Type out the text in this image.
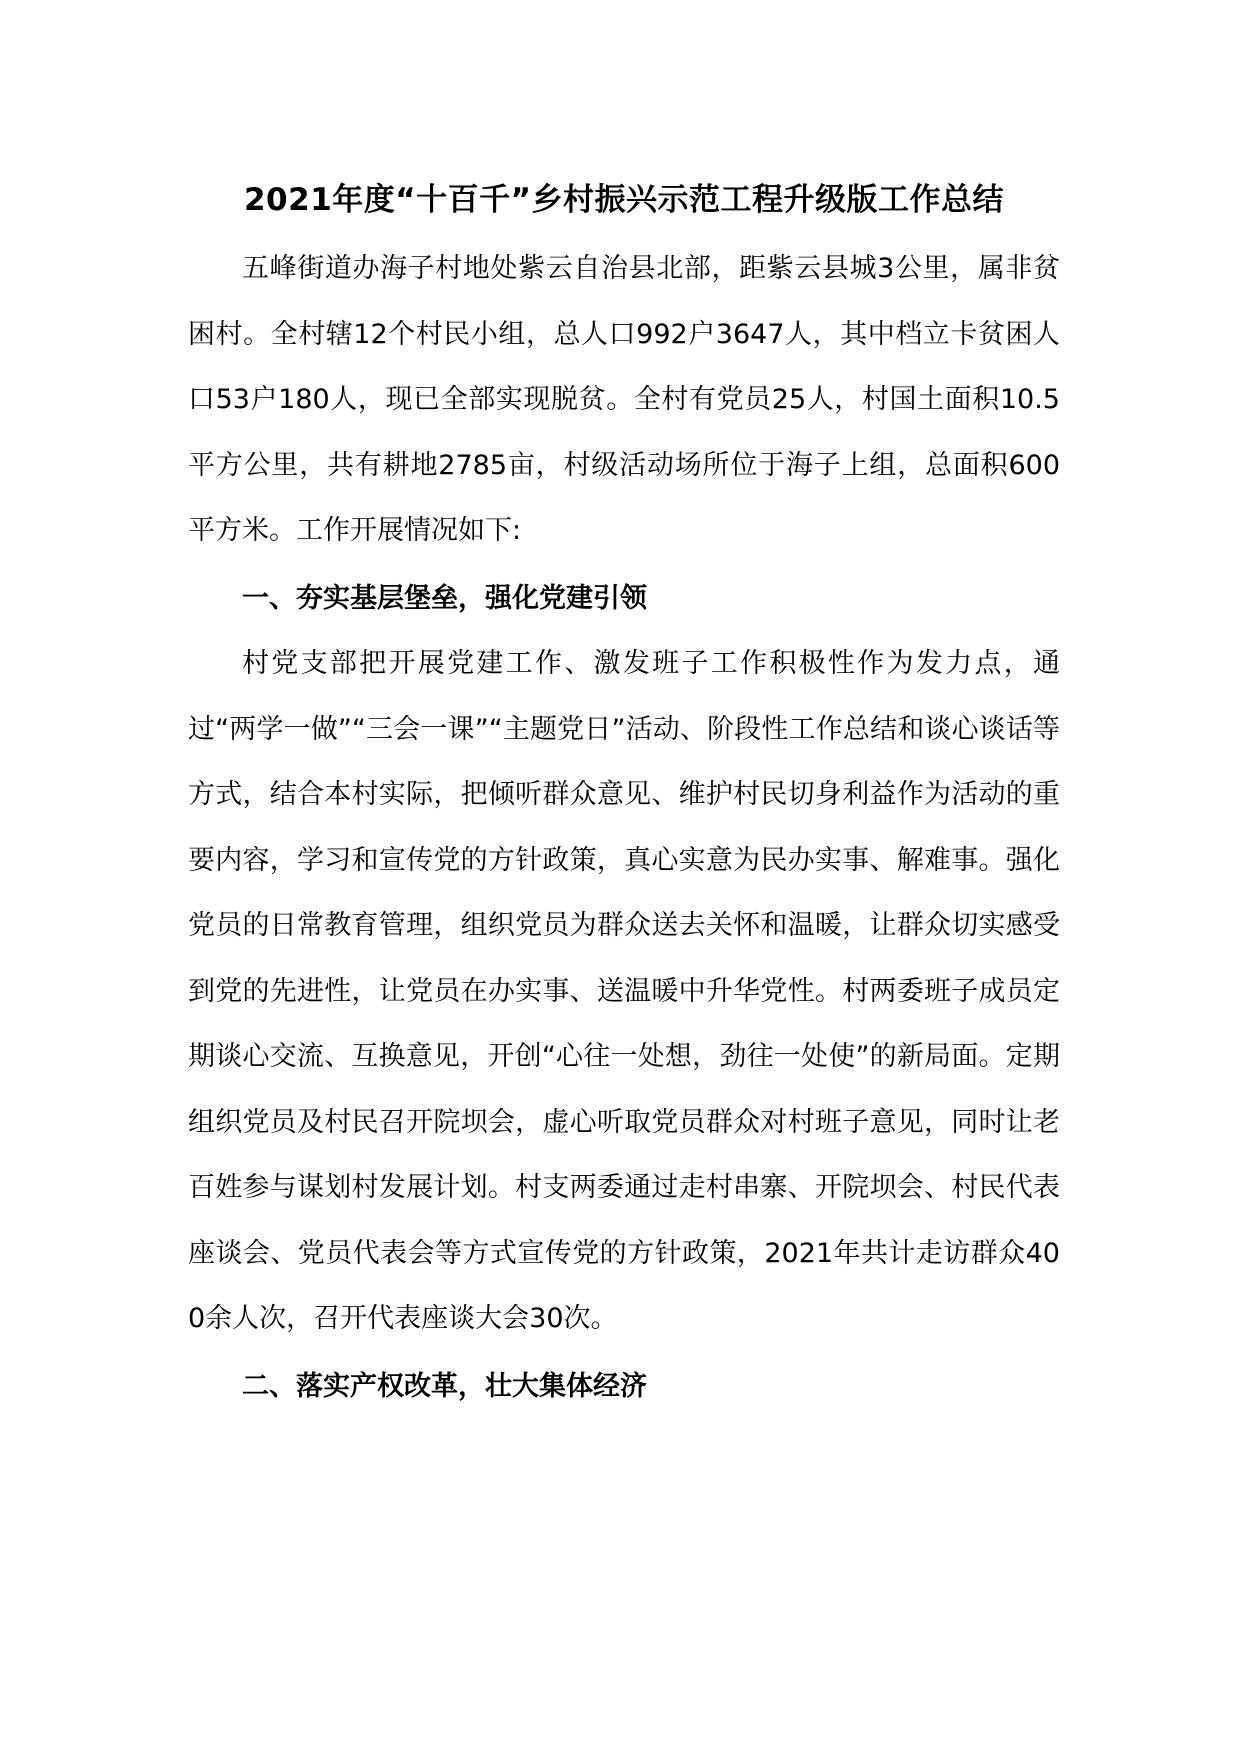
2021年度“十百千”乡村振兴示范工程升级版工作总结

五峰街道办海子村地处紫云自治县北部，距紫云县城3公里，属非贫困村。全村辖12个村民小组，总人口992户3647人，其中档立卡贫困人口53户180人，现已全部实现脱贫。全村有党员25人，村国土面积10.5平方公里，共有耕地2785亩，村级活动场所位于海子上组，总面积600平方米。工作开展情况如下:

一、夯实基层堡垒，强化党建引领

村党支部把开展党建工作、激发班子工作积极性作为发力点，通过“两学一做”“三会一课”“主题党日”活动、阶段性工作总结和谈心谈话等方式，结合本村实际，把倾听群众意见、维护村民切身利益作为活动的重要内容，学习和宣传党的方针政策，真心实意为民办实事、解难事。强化党员的日常教育管理，组织党员为群众送去关怀和温暖，让群众切实感受到党的先进性，让党员在办实事、送温暖中升华党性。村两委班子成员定期谈心交流、互换意见，开创“心往一处想，劲往一处使”的新局面。定期组织党员及村民召开院坝会，虚心听取党员群众对村班子意见，同时让老百姓参与谋划村发展计划。村支两委通过走村串寨、开院坝会、村民代表座谈会、党员代表会等方式宣传党的方针政策，2021年共计走访群众400余人次，召开代表座谈大会30次。

二、落实产权改革，壮大集体经济
